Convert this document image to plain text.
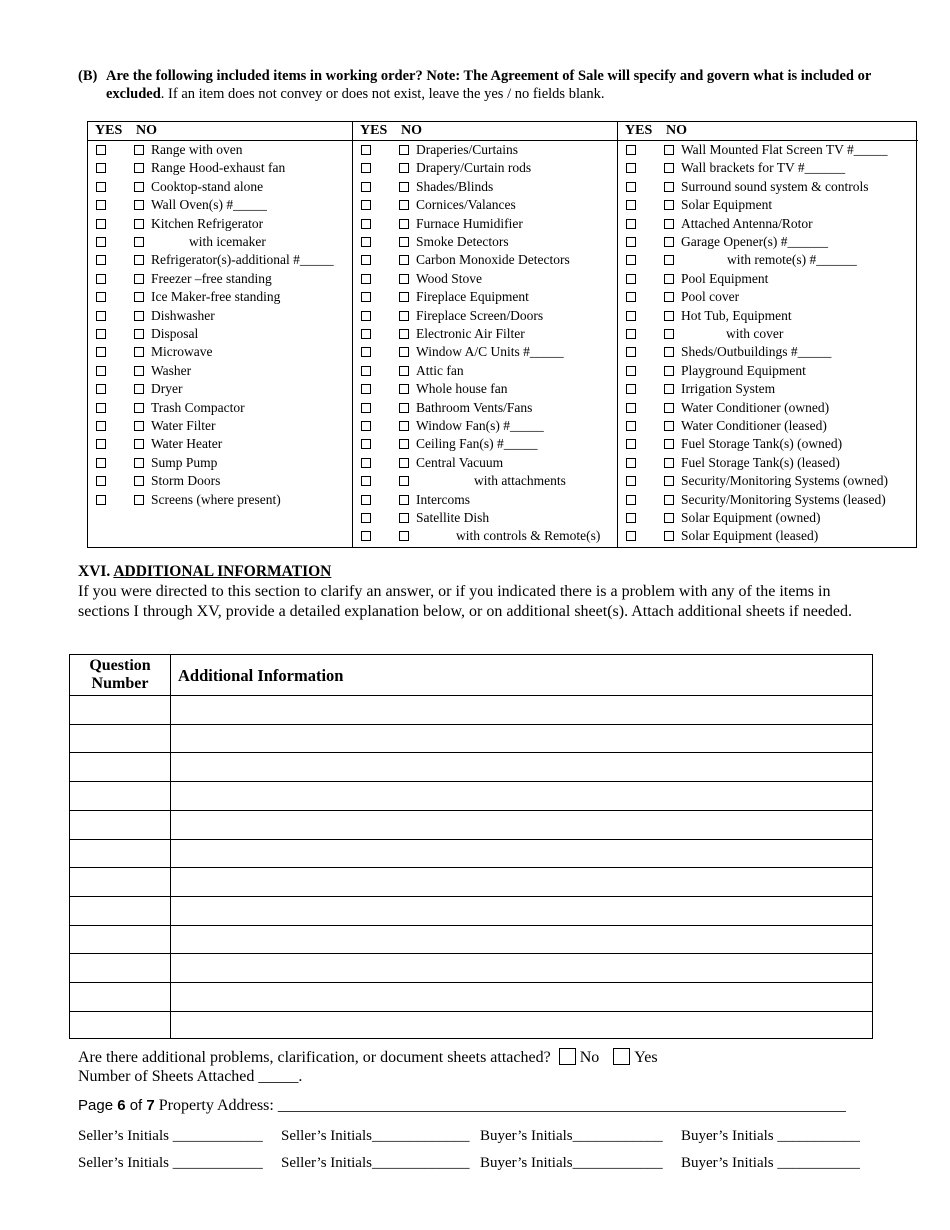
(B) Are the following included items in working order? Note: The Agreement of Sale will specify and govern what is included or excluded. If an item does not convey or does not exist, leave the yes / no fields blank.
YES NO
Range with oven
Range Hood-exhaust fan
Cooktop-stand alone
Wall Oven(s) #_____
Kitchen Refrigerator
with icemaker
Refrigerator(s)-additional #_____
Freezer –free standing
Ice Maker-free standing
Dishwasher
Disposal
Microwave
Washer
Dryer
Trash Compactor
Water Filter
Water Heater
Sump Pump
Storm Doors
Screens (where present)
YES NO
Draperies/Curtains
Drapery/Curtain rods
Shades/Blinds
Cornices/Valances
Furnace Humidifier
Smoke Detectors
Carbon Monoxide Detectors
Wood Stove
Fireplace Equipment
Fireplace Screen/Doors
Electronic Air Filter
Window A/C Units #_____
Attic fan
Whole house fan
Bathroom Vents/Fans
Window Fan(s) #_____
Ceiling Fan(s) #_____
Central Vacuum
with attachments
Intercoms
Satellite Dish
with controls & Remote(s)
YES NO
Wall Mounted Flat Screen TV #_____
Wall brackets for TV #______
Surround sound system & controls
Solar Equipment
Attached Antenna/Rotor
Garage Opener(s) #______
with remote(s) #______
Pool Equipment
Pool cover
Hot Tub, Equipment
with cover
Sheds/Outbuildings #_____
Playground Equipment
Irrigation System
Water Conditioner (owned)
Water Conditioner (leased)
Fuel Storage Tank(s) (owned)
Fuel Storage Tank(s) (leased)
Security/Monitoring Systems (owned)
Security/Monitoring Systems (leased)
Solar Equipment (owned)
Solar Equipment (leased)
XVI. ADDITIONAL INFORMATION
If you were directed to this section to clarify an answer, or if you indicated there is a problem with any of the items in sections I through XV, provide a detailed explanation below, or on additional sheet(s). Attach additional sheets if needed.
Question Number	Additional Information
Are there additional problems, clarification, or document sheets attached? No Yes
Number of Sheets Attached _____.
Page 6 of 7 Property Address: _______________________________________________________________________
Seller’s Initials ____________ Seller’s Initials_____________ Buyer’s Initials____________ Buyer’s Initials ___________
Seller’s Initials ____________ Seller’s Initials_____________ Buyer’s Initials____________ Buyer’s Initials ___________
